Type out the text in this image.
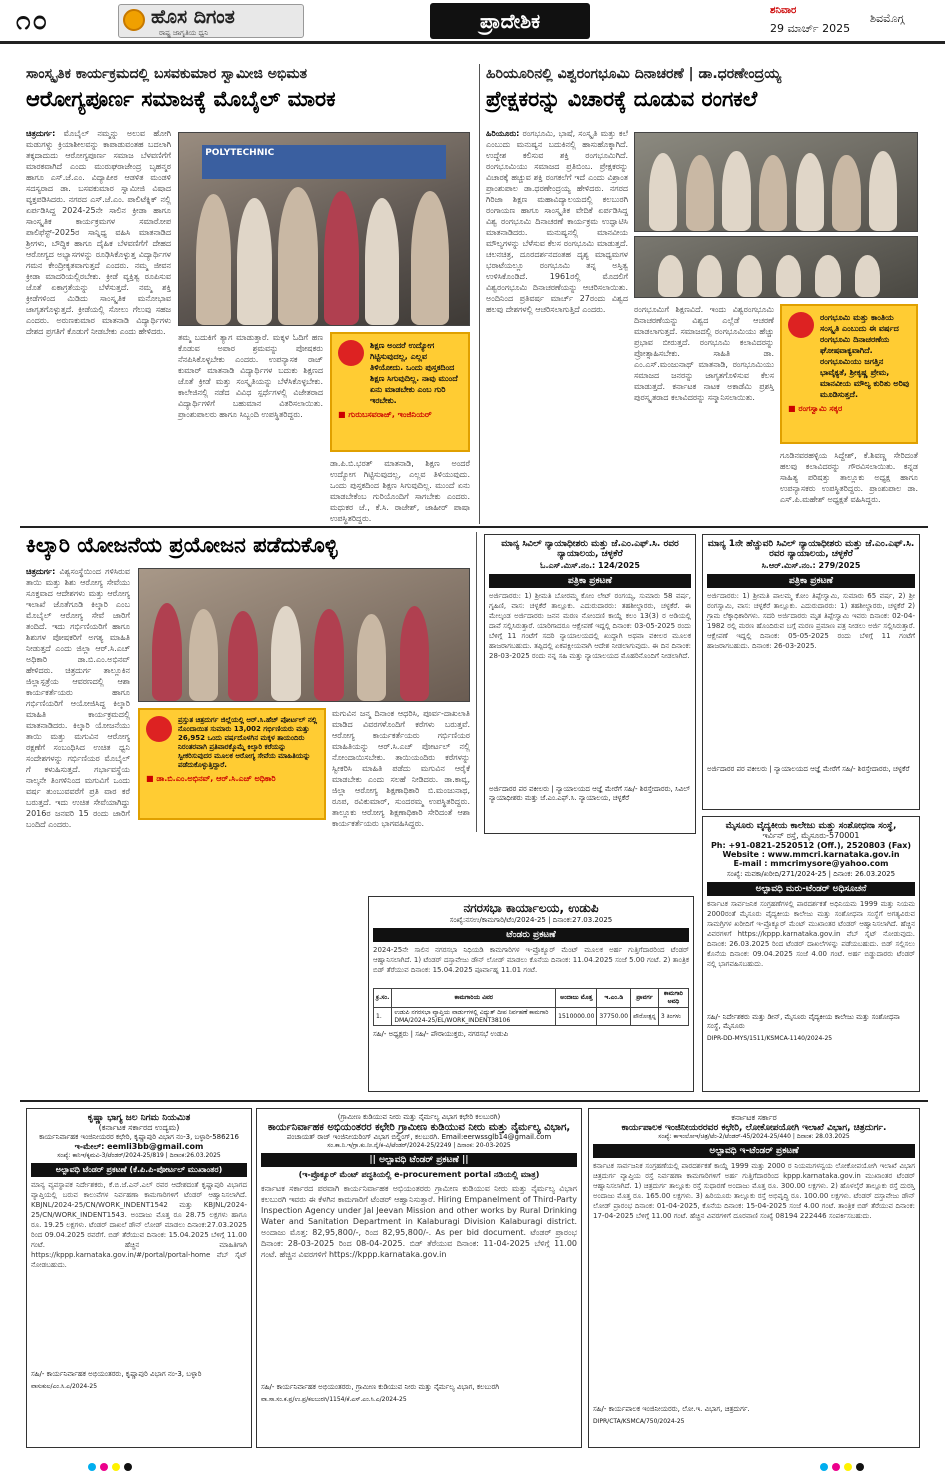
೧೦	ಹೊಸ ದಿಗಂತ
ರಾಷ್ಟ್ರ ಜಾಗೃತಿಯ ಧ್ವನಿ	ಪ್ರಾದೇಶಿಕ	ಶನಿವಾರ
29 ಮಾರ್ಚ್ 2025
ಶಿವಮೊಗ್ಗ
ಸಾಂಸ್ಕೃತಿಕ ಕಾರ್ಯಕ್ರಮದಲ್ಲಿ ಬಸವಕುಮಾರ ಸ್ವಾಮೀಜಿ ಅಭಿಮತ
ಆರೋಗ್ಯಪೂರ್ಣ ಸಮಾಜಕ್ಕೆ ಮೊಬೈಲ್ ಮಾರಕ
ಚಿತ್ರದುರ್ಗ: ಮೊಬೈಲ್ ನಮ್ಮನ್ನು ಅಲುವ ಹೋಗಿ ಮಡುಗಳ್ನು ಕ್ರಿಯಾಶೀಲವನ್ನು ಕಾಪಾಡುವಂತಹ ಬದಲಾಗಿ ತಕ್ಕದಾದುದು ಆರೋಗ್ಯಪೂರ್ಣ ಸಮಾಜ ಬೆಳವಣಿಗೆಗೆ ಮಾರಕವಾಗಿದೆ ಎಂದು ಮುರುಘರಾಜೇಂದ್ರ ಬೃಹನ್ಮಠ ಹಾಗೂ ಎಸ್.ಜೆ.ಎಂ. ವಿದ್ಯಾಪೀಠ ಆಡಳಿತ ಮಂಡಳಿ ಸದಸ್ಯರಾದ ಡಾ. ಬಸವಕುಮಾರ ಸ್ವಾಮೀಜಿ ವಿಷಾದ ವ್ಯಕ್ತಪಡಿಸಿದರು. ನಗರದ ಎಸ್.ಜೆ.ಎಂ. ಪಾಲಿಟೆಕ್ನಿಕ್ ನಲ್ಲಿ ಏರ್ಪಡಿಸಿದ್ದ 2024-25ನೇ ಸಾಲಿನ ಕ್ರೀಡಾ ಹಾಗೂ ಸಾಂಸ್ಕೃತಿಕ ಕಾರ್ಯಕ್ರಮಗಳ ಸಮಾರೋಪ ಪಾಲಿಫೆಸ್ಟ್-2025ರ ಸಾನ್ನಿಧ್ಯ ವಹಿಸಿ ಮಾತನಾಡಿದ ಶ್ರೀಗಳು, ಬೌದ್ಧಿಕ ಹಾಗೂ ದೈಹಿಕ ಬೆಳವಣಿಗೆಗೆ ದೇಹದ ಆರೋಗ್ಯದ ಅಭ್ಯಾಸಗಳನ್ನು ರೂಢಿಸಿಕೊಳ್ಳುತ್ತ ವಿದ್ಯಾರ್ಥಿಗಳ ಗಮನ ಕೇಂದ್ರೀಕೃತವಾಗುತ್ತದೆ ಎಂದರು. ನಮ್ಮ ಜೀವನ ಕ್ರೀಡಾ ಮಾದರಿಯಲ್ಲಿರಬೇಕು. ಕ್ರೀಡೆ ವ್ಯಕ್ತಿತ್ವ ರೂಪಿಸುವ ಜೊತೆ ಏಕಾಗ್ರತೆಯನ್ನು ಬೆಳೆಸುತ್ತದೆ. ನಮ್ಮ ಶಕ್ತಿ ಕ್ರೀಡೆಗಳಿಂದ ಮಿಡಿದು ಸಾಂಸ್ಕೃತಿಕ ಮನೋಭಾವ ಜಾಗೃತಗೊಳ್ಳುತ್ತದೆ. ಕ್ರೀಡೆಯಲ್ಲಿ ಸೋಲು ಗೆಲುವು ಸಹಜ ಎಂದರು. ಅರುಣಕುಮಾರ ಮಾತನಾಡಿ ವಿದ್ಯಾರ್ಥಿಗಳು ದೇಶದ ಪ್ರಗತಿಗೆ ಕೊಡುಗೆ ನೀಡಬೇಕು ಎಂದು ಹೇಳಿದರು.
POLYTECHNIC
ತಮ್ಮ ಬದುಕಿಗೆ ತ್ಯಾಗ ಮಾಡುತ್ತಾರೆ. ಮಕ್ಕಳ ಓದಿಗೆ ಹಣ ಕೊಡುವ ಅಪಾರ ಶ್ರಮವನ್ನು ಪೋಷಕರು ನೆನಪಿಸಿಕೊಳ್ಳಬೇಕು ಎಂದರು. ಉಪನ್ಯಾಸಕ ರಾಜ್ ಕುಮಾರ್ ಮಾತನಾಡಿ ವಿದ್ಯಾರ್ಥಿಗಳ ಬದುಕು ಶಿಕ್ಷಣದ ಜೊತೆ ಕ್ರೀಡೆ ಮತ್ತು ಸಂಸ್ಕೃತಿಯನ್ನು ಬೆಳೆಸಿಕೊಳ್ಳಬೇಕು. ಕಾಲೇಜಿನಲ್ಲಿ ನಡೆದ ವಿವಿಧ ಸ್ಪರ್ಧೆಗಳಲ್ಲಿ ವಿಜೇತರಾದ ವಿದ್ಯಾರ್ಥಿಗಳಿಗೆ ಬಹುಮಾನ ವಿತರಿಸಲಾಯಿತು. ಪ್ರಾಂಶುಪಾಲರು ಹಾಗೂ ಸಿಬ್ಬಂದಿ ಉಪಸ್ಥಿತರಿದ್ದರು.
ಶಿಕ್ಷಣ ಅಂದರೆ ಉದ್ಯೋಗ ಗಿಟ್ಟಿಸುವುದಲ್ಲ, ಎಲ್ಲವ ತಿಳಿಯೋದು. ಒಂದು ಪುಸ್ತಕದಿಂದ ಶಿಕ್ಷಣ ಸಿಗುವುದಿಲ್ಲ. ನಾವು ಮುಂದೆ ಏನು ಮಾಡಬೇಕು ಎಂಬ ಗುರಿ ಇರಬೇಕು.
■ ಗುರುಬಸವರಾಜ್, ಇಂಜಿನಿಯರ್
ಡಾ.ಪಿ.ಬಿ.ಭರತ್ ಮಾತನಾಡಿ, ಶಿಕ್ಷಣ ಅಂದರೆ ಉದ್ಯೋಗ ಗಿಟ್ಟಿಸುವುದಲ್ಲ, ಎಲ್ಲವ ತಿಳಿಯುವುದು. ಒಂದು ಪುಸ್ತಕದಿಂದ ಶಿಕ್ಷಣ ಸಿಗುವುದಿಲ್ಲ. ಮುಂದೆ ಏನು ಮಾಡಬೇಕೆಂಬ ಗುರಿಯೊಂದಿಗೆ ಸಾಗಬೇಕು ಎಂದರು. ಮಧುಕರ ಜೆ., ಕೆ.ಸಿ. ರಾಜೇಶ್, ಜಾಹೀರ್ ಪಾಷಾ ಉಪಸ್ಥಿತರಿದ್ದರು.
ಹಿರಿಯೂರಿನಲ್ಲಿ ವಿಶ್ವರಂಗಭೂಮಿ ದಿನಾಚರಣೆ | ಡಾ.ಧರಣೇಂದ್ರಯ್ಯ
ಪ್ರೇಕ್ಷಕರನ್ನು ವಿಚಾರಕ್ಕೆ ದೂಡುವ ರಂಗಕಲೆ
ಹಿರಿಯೂರು: ರಂಗಭೂಮಿ, ಭಾಷೆ, ಸಂಸ್ಕೃತಿ ಮತ್ತು ಕಲೆ ಎಂಬುದು ಮನುಷ್ಯನ ಬದುಕಿನಲ್ಲಿ ಹಾಸುಹೊಕ್ಕಾಗಿದೆ. ಉದ್ದೇಶ ಕಲಿಸುವ ಶಕ್ತಿ ರಂಗಭೂಮಿಗಿದೆ. ರಂಗಭೂಮಿಯು ಸಮಾಜದ ಪ್ರತಿಬಿಂಬ. ಪ್ರೇಕ್ಷಕರನ್ನು ವಿಚಾರಕ್ಕೆ ಹಚ್ಚುವ ಶಕ್ತಿ ರಂಗಕಲೆಗೆ ಇದೆ ಎಂದು ವಿಶ್ರಾಂತ ಪ್ರಾಂಶುಪಾಲ ಡಾ.ಧರಣೇಂದ್ರಯ್ಯ ಹೇಳಿದರು. ನಗರದ ಗಿರಿಜಾ ಶಿಕ್ಷಣ ಮಹಾವಿದ್ಯಾಲಯದಲ್ಲಿ ಕಲಬುರಗಿ ರಂಗಾಯಣ ಹಾಗೂ ಸಾಂಸ್ಕೃತಿಕ ವೇದಿಕೆ ಏರ್ಪಡಿಸಿದ್ದ ವಿಶ್ವ ರಂಗಭೂಮಿ ದಿನಾಚರಣೆ ಕಾರ್ಯಕ್ರಮ ಉದ್ಘಾಟಿಸಿ ಮಾತನಾಡಿದರು. ಮನುಷ್ಯನಲ್ಲಿ ಮಾನವೀಯ ಮೌಲ್ಯಗಳನ್ನು ಬೆಳೆಸುವ ಕೆಲಸ ರಂಗಭೂಮಿ ಮಾಡುತ್ತದೆ. ಚಲನಚಿತ್ರ, ದೂರದರ್ಶನದಂತಹ ದೃಶ್ಯ ಮಾಧ್ಯಮಗಳ ಭರಾಟೆಯಲ್ಲೂ ರಂಗಭೂಮಿ ತನ್ನ ಅಸ್ತಿತ್ವ ಉಳಿಸಿಕೊಂಡಿದೆ. 1961ರಲ್ಲಿ ಮೊದಲಿಗೆ ವಿಶ್ವರಂಗಭೂಮಿ ದಿನಾಚರಣೆಯನ್ನು ಆಚರಿಸಲಾಯಿತು. ಅಂದಿನಿಂದ ಪ್ರತಿವರ್ಷ ಮಾರ್ಚ್ 27ರಂದು ವಿಶ್ವದ ಹಲವು ದೇಶಗಳಲ್ಲಿ ಆಚರಿಸಲಾಗುತ್ತಿದೆ ಎಂದರು.	ರಂಗಭೂಮಿಗೆ ಶಿಕ್ಷಣವಿದೆ. ಇಂದು ವಿಶ್ವರಂಗಭೂಮಿ ದಿನಾಚರಣೆಯನ್ನು ವಿಶ್ವದ ಎಲ್ಲೆಡೆ ಆಚರಣೆ ಮಾಡಲಾಗುತ್ತದೆ. ಸಮಾಜದಲ್ಲಿ ರಂಗಭೂಮಿಯು ಹೆಚ್ಚು ಪ್ರಭಾವ ಬೀರುತ್ತದೆ. ರಂಗಭೂಮಿ ಕಲಾವಿದರನ್ನು ಪ್ರೋತ್ಸಾಹಿಸಬೇಕು. ಸಾಹಿತಿ ಡಾ. ಎಂ.ಎಸ್.ಮಂಜುನಾಥ್ ಮಾತನಾಡಿ, ರಂಗಭೂಮಿಯು ಸಮಾಜದ ಜನರನ್ನು ಜಾಗೃತಗೊಳಿಸುವ ಕೆಲಸ ಮಾಡುತ್ತದೆ. ಕರ್ನಾಟಕ ನಾಟಕ ಅಕಾಡೆಮಿ ಪ್ರಶಸ್ತಿ ಪುರಸ್ಕೃತರಾದ ಕಲಾವಿದರನ್ನು ಸನ್ಮಾನಿಸಲಾಯಿತು.
ರಂಗಭೂಮಿ ಮತ್ತು ಕಾಂತಿಯ ಸಂಸ್ಕೃತಿ ಎಂಬುದು ಈ ವರ್ಷದ ರಂಗಭೂಮಿ ದಿನಾಚರಣೆಯ ಘೋಷವಾಕ್ಯವಾಗಿದೆ. ರಂಗಭೂಮಿಯು ಜಗತ್ತಿನ ಭಾವೈಕ್ಯತೆ, ಶ್ರೀಕೃಷ್ಣ ಪ್ರೇಮ, ಮಾನವೀಯ ಮೌಲ್ಯ ಕುರಿತು ಅರಿವು ಮೂಡಿಸುತ್ತದೆ.
■ ರಂಗಸ್ವಾಮಿ ಸಕ್ಕರ
ಗೂಡಿನವರಹಳ್ಳಿಯ ಸಿದ್ದೇಶ್, ಕೆ.ಶಿವಣ್ಣ ಸೇರಿದಂತೆ ಹಲವು ಕಲಾವಿದರನ್ನು ಗೌರವಿಸಲಾಯಿತು. ಕನ್ನಡ ಸಾಹಿತ್ಯ ಪರಿಷತ್ತು ತಾಲ್ಲೂಕು ಅಧ್ಯಕ್ಷ ಹಾಗೂ ಉಪನ್ಯಾಸಕರು ಉಪಸ್ಥಿತರಿದ್ದರು. ಪ್ರಾಂಶುಪಾಲ ಡಾ. ಎಸ್.ಪಿ.ಮಹೇಶ್ ಅಧ್ಯಕ್ಷತೆ ವಹಿಸಿದ್ದರು.
ಕಿಲ್ಕಾರಿ ಯೋಜನೆಯ ಪ್ರಯೋಜನ ಪಡೆದುಕೊಳ್ಳಿ
ಚಿತ್ರದುರ್ಗ: ವಿಶ್ವಸಂಸ್ಥೆಯಿಂದ ಗಳಿಸಿರುವ ತಾಯಿ ಮತ್ತು ಶಿಶು ಆರೋಗ್ಯ ಸೇವೆಯು ಸೂಕ್ತವಾದ ಆದೇಶಗಳು ಮತ್ತು ಆರೋಗ್ಯ ಇಲಾಖೆ ಜೊತೆಗೂಡಿ ಕಿಲ್ಕಾರಿ ಎಂಬ ಮೊಬೈಲ್ ಆರೋಗ್ಯ ಸೇವೆ ಜಾರಿಗೆ ತಂದಿದೆ. ಇದು ಗರ್ಭಿಣಿಯರಿಗೆ ಹಾಗೂ ಶಿಶುಗಳ ಪೋಷಕರಿಗೆ ಅಗತ್ಯ ಮಾಹಿತಿ ನೀಡುತ್ತದೆ ಎಂದು ಜಿಲ್ಲಾ ಆರ್.ಸಿ.ಎಚ್ ಅಧಿಕಾರಿ ಡಾ.ಬಿ.ಎಂ.ಅಭಿನವ್ ಹೇಳಿದರು. ಚಿತ್ರದುರ್ಗ ತಾಲ್ಲೂಕಿನ ಜಿಲ್ಲಾಸ್ಪತ್ರೆಯ ಆವರಣದಲ್ಲಿ ಆಶಾ ಕಾರ್ಯಕರ್ತೆಯರು ಹಾಗೂ ಗರ್ಭಿಣಿಯರಿಗೆ ಆಯೋಜಿಸಿದ್ದ ಕಿಲ್ಕಾರಿ ಮಾಹಿತಿ ಕಾರ್ಯಕ್ರಮದಲ್ಲಿ ಮಾತನಾಡಿದರು. ಕಿಲ್ಕಾರಿ ಯೋಜನೆಯು ತಾಯಿ ಮತ್ತು ಮಗುವಿನ ಆರೋಗ್ಯ ರಕ್ಷಣೆಗೆ ಸಂಬಂಧಿಸಿದ ಉಚಿತ ಧ್ವನಿ ಸಂದೇಶಗಳನ್ನು ಗರ್ಭಿಣಿಯರ ಮೊಬೈಲ್ ಗೆ ಕಳುಹಿಸುತ್ತದೆ. ಗರ್ಭಾವಸ್ಥೆಯ ನಾಲ್ಕನೇ ತಿಂಗಳಿನಿಂದ ಮಗುವಿಗೆ ಒಂದು ವರ್ಷ ತುಂಬುವವರೆಗೆ ಪ್ರತಿ ವಾರ ಕರೆ ಬರುತ್ತದೆ. ಇದು ಉಚಿತ ಸೇವೆಯಾಗಿದ್ದು 2016ರ ಜನವರಿ 15 ರಂದು ಜಾರಿಗೆ ಬಂದಿದೆ ಎಂದರು.
ಪ್ರಸ್ತುತ ಚಿತ್ರದುರ್ಗ ಜಿಲ್ಲೆಯಲ್ಲಿ ಆರ್.ಸಿ.ಹೆಚ್ ಪೋರ್ಟಲ್ ನಲ್ಲಿ ನೊಂದಾಯಿತ ಸುಮಾರು 13,002 ಗರ್ಭಿಣಿಯರು ಮತ್ತು 26,952 ಒಂದು ವರ್ಷದೊಳಗಿನ ಮಕ್ಕಳ ತಾಯಂದಿರು ನಿರಂತರವಾಗಿ ಪ್ರತಿವಾರಕ್ಕೊಮ್ಮೆ ಕಿಲ್ಕಾರಿ ಕರೆಯನ್ನು ಸ್ವೀಕರಿಸುವುದರ ಮೂಲಕ ಆರೋಗ್ಯ ಸೇವೆಯ ಮಾಹಿತಿಯನ್ನು ಪಡೆದುಕೊಳ್ಳುತ್ತಿದ್ದಾರೆ.
■ ಡಾ.ಬಿ.ಎಂ.ಅಭಿನವ್, ಆರ್.ಸಿ.ಎಚ್ ಅಧಿಕಾರಿ
ಮಗುವಿನ ಜನ್ಮ ದಿನಾಂಕ ಆಧರಿಸಿ, ಪೂರ್ವ-ದಾಖಲಾತಿ ಮಾಡಿದ ವಿವರಗಳೊಂದಿಗೆ ಕರೆಗಳು ಬರುತ್ತವೆ. ಆರೋಗ್ಯ ಕಾರ್ಯಕರ್ತೆಯರು ಗರ್ಭಿಣಿಯರ ಮಾಹಿತಿಯನ್ನು ಆರ್.ಸಿ.ಎಚ್ ಪೋರ್ಟಲ್ ನಲ್ಲಿ ನೋಂದಾಯಿಸಬೇಕು. ತಾಯಿಯಂದಿರು ಕರೆಗಳನ್ನು ಸ್ವೀಕರಿಸಿ ಮಾಹಿತಿ ಪಡೆದು ಮಗುವಿನ ಆರೈಕೆ ಮಾಡಬೇಕು ಎಂದು ಸಲಹೆ ನೀಡಿದರು. ಡಾ.ಕಾವ್ಯ, ಜಿಲ್ಲಾ ಆರೋಗ್ಯ ಶಿಕ್ಷಣಾಧಿಕಾರಿ ಬಿ.ಮಂಜುನಾಥ, ರೂಪ, ರವಿಕುಮಾರ್, ಸುಂದರಮ್ಮ ಉಪಸ್ಥಿತರಿದ್ದರು. ತಾಲ್ಲೂಕು ಆರೋಗ್ಯ ಶಿಕ್ಷಣಾಧಿಕಾರಿ ಸೇರಿದಂತೆ ಆಶಾ ಕಾರ್ಯಕರ್ತೆಯರು ಭಾಗವಹಿಸಿದ್ದರು.
ಮಾನ್ಯ ಸಿವಿಲ್ ನ್ಯಾಯಾಧೀಶರು ಮತ್ತು ಜೆ.ಎಂ.ಎಫ್.ಸಿ. ರವರ ನ್ಯಾಯಾಲಯ, ಚಳ್ಳಕೆರೆ
ಓ.ಎಸ್.ಮಿಸ್.ನಂ.: 124/2025
ಪತ್ರಿಕಾ ಪ್ರಕಟಣೆ
ಅರ್ಜಿದಾರರು: 1) ಶ್ರೀಮತಿ ಬೋರಮ್ಮ ಕೋಂ ಲೇಟ್ ರಂಗಯ್ಯ, ಸುಮಾರು 58 ವರ್ಷ, ಗೃಹಿಣಿ, ವಾಸ: ಚಳ್ಳಕೆರೆ ತಾಲ್ಲೂಕು. ಎದುರುದಾರರು: ತಹಶೀಲ್ದಾರರು, ಚಳ್ಳಕೆರೆ. ಈ ಮೇಲ್ಕಂಡ ಅರ್ಜಿದಾರರು ಜನನ ಮರಣ ನೋಂದಣಿ ಕಾಯ್ದೆ ಕಲಂ 13(3) ರ ಅಡಿಯಲ್ಲಿ ದಾವೆ ಸಲ್ಲಿಸಿರುತ್ತಾರೆ. ಯಾರಿಗಾದರೂ ಆಕ್ಷೇಪಣೆ ಇದ್ದಲ್ಲಿ ದಿನಾಂಕ: 03-05-2025 ರಂದು ಬೆಳಿಗ್ಗೆ 11 ಗಂಟೆಗೆ ಸದರಿ ನ್ಯಾಯಾಲಯದಲ್ಲಿ ಖುದ್ದಾಗಿ ಅಥವಾ ವಕೀಲರ ಮೂಲಕ ಹಾಜರಾಗಬಹುದು. ತಪ್ಪಿದಲ್ಲಿ ಏಕಪಕ್ಷೀಯವಾಗಿ ಆದೇಶ ನೀಡಲಾಗುವುದು. ಈ ದಿನ ದಿನಾಂಕ: 28-03-2025 ರಂದು ನನ್ನ ಸಹಿ ಮತ್ತು ನ್ಯಾಯಾಲಯದ ಮೊಹರಿನೊಂದಿಗೆ ನೀಡಲಾಗಿದೆ.
ಅರ್ಜಿದಾರರ ಪರ ವಕೀಲರು | ನ್ಯಾಯಾಲಯದ ಆಜ್ಞೆ ಮೇರೆಗೆ ಸಹಿ/- ಶಿರಸ್ತೇದಾರರು, ಸಿವಿಲ್ ನ್ಯಾಯಾಧೀಶರು ಮತ್ತು ಜೆ.ಎಂ.ಎಫ್.ಸಿ. ನ್ಯಾಯಾಲಯ, ಚಳ್ಳಕೆರೆ
ಮಾನ್ಯ 1ನೇ ಹೆಚ್ಚುವರಿ ಸಿವಿಲ್ ನ್ಯಾಯಾಧೀಶರು ಮತ್ತು ಜೆ.ಎಂ.ಎಫ್.ಸಿ. ರವರ ನ್ಯಾಯಾಲಯ, ಚಳ್ಳಕೆರೆ
ಸಿ.ಆರ್.ಮಿಸ್.ನಂ.: 279/2025
ಪತ್ರಿಕಾ ಪ್ರಕಟಣೆ
ಅರ್ಜಿದಾರರು: 1) ಶ್ರೀಮತಿ ಪಾಲಮ್ಮ ಕೋಂ ತಿಪ್ಪೇಸ್ವಾಮಿ, ಸುಮಾರು 65 ವರ್ಷ, 2) ಶ್ರೀ ರಂಗಸ್ವಾಮಿ, ವಾಸ: ಚಳ್ಳಕೆರೆ ತಾಲ್ಲೂಕು. ಎದುರುದಾರರು: 1) ತಹಶೀಲ್ದಾರರು, ಚಳ್ಳಕೆರೆ 2) ಗ್ರಾಮ ಲೆಕ್ಕಾಧಿಕಾರಿಗಳು. ಸದರಿ ಅರ್ಜಿದಾರರು ಮೃತ ತಿಪ್ಪೇಸ್ವಾಮಿ ಇವರು ದಿನಾಂಕ: 02-04-1982 ರಲ್ಲಿ ಮರಣ ಹೊಂದಿರುವ ಬಗ್ಗೆ ಮರಣ ಪ್ರಮಾಣ ಪತ್ರ ನೀಡಲು ಅರ್ಜಿ ಸಲ್ಲಿಸಿರುತ್ತಾರೆ. ಆಕ್ಷೇಪಣೆ ಇದ್ದಲ್ಲಿ ದಿನಾಂಕ: 05-05-2025 ರಂದು ಬೆಳಿಗ್ಗೆ 11 ಗಂಟೆಗೆ ಹಾಜರಾಗಬಹುದು. ದಿನಾಂಕ: 26-03-2025.
ಅರ್ಜಿದಾರರ ಪರ ವಕೀಲರು | ನ್ಯಾಯಾಲಯದ ಆಜ್ಞೆ ಮೇರೆಗೆ ಸಹಿ/- ಶಿರಸ್ತೇದಾರರು, ಚಳ್ಳಕೆರೆ
ಮೈಸೂರು ವೈದ್ಯಕೀಯ ಕಾಲೇಜು ಮತ್ತು ಸಂಶೋಧನಾ ಸಂಸ್ಥೆ,
ಇರ್ವಿನ್ ರಸ್ತೆ, ಮೈಸೂರು-570001
Ph: +91-0821-2520512 (Off.), 2520803 (Fax)
Website : www.mmcri.karnataka.gov.in
E-mail : mmcrimysore@yahoo.com
ಸಂಖ್ಯೆ: ಮವಕಾ/ಖರೀದಿ/271/2024-25 | ದಿನಾಂಕ: 26.03.2025
ಅಲ್ಪಾವಧಿ ಮರು-ಟೆಂಡರ್ ಅಧಿಸೂಚನೆ
ಕರ್ನಾಟಕ ಸಾರ್ವಜನಿಕ ಸಂಗ್ರಹಣೆಗಳಲ್ಲಿ ಪಾರದರ್ಶಕತೆ ಅಧಿನಿಯಮ 1999 ಮತ್ತು ನಿಯಮ 2000ರಂತೆ ಮೈಸೂರು ವೈದ್ಯಕೀಯ ಕಾಲೇಜು ಮತ್ತು ಸಂಶೋಧನಾ ಸಂಸ್ಥೆಗೆ ಅಗತ್ಯವಿರುವ ಸಾಮಗ್ರಿಗಳ ಖರೀದಿಗೆ ಇ-ಪ್ರೊಕ್ಯೂರ್ ಮೆಂಟ್ ಮುಖಾಂತರ ಟೆಂಡರ್ ಆಹ್ವಾನಿಸಲಾಗಿದೆ. ಹೆಚ್ಚಿನ ವಿವರಗಳಿಗೆ https://kppp.karnataka.gov.in ವೆಬ್ ಸೈಟ್ ನೋಡುವುದು. ದಿನಾಂಕ: 26.03.2025 ರಿಂದ ಟೆಂಡರ್ ದಾಖಲೆಗಳನ್ನು ಪಡೆಯಬಹುದು. ಬಿಡ್ ಸಲ್ಲಿಸಲು ಕೊನೆಯ ದಿನಾಂಕ: 09.04.2025 ಸಂಜೆ 4.00 ಗಂಟೆ. ಅರ್ಹ ಬಿಡ್ಡುದಾರರು ಟೆಂಡರ್ ನಲ್ಲಿ ಭಾಗವಹಿಸಬಹುದು.
ಸಹಿ/- ನಿರ್ದೇಶಕರು ಮತ್ತು ಡೀನ್, ಮೈಸೂರು ವೈದ್ಯಕೀಯ ಕಾಲೇಜು ಮತ್ತು ಸಂಶೋಧನಾ ಸಂಸ್ಥೆ, ಮೈಸೂರು
DIPR-DD-MYS/1511/KSMCA-1140/2024-25
ನಗರಸಭಾ ಕಾರ್ಯಾಲಯ, ಉಡುಪಿ
ಸಂಖ್ಯೆ:ನಸಉ/ಕಾಮಗಾರಿ/ಟೆಂ/2024-25 | ದಿನಾಂಕ:27.03.2025
ಟೆಂಡರು ಪ್ರಕಟಣೆ
2024-25ನೇ ಸಾಲಿನ ನಗರಸಭಾ ನಿಧಿಯಡಿ ಕಾಮಗಾರಿಗಳ ಇ-ಪ್ರೊಕ್ಯೂರ್ ಮೆಂಟ್ ಮೂಲಕ ಅರ್ಹ ಗುತ್ತಿಗೆದಾರರಿಂದ ಟೆಂಡರ್ ಆಹ್ವಾನಿಸಲಾಗಿದೆ. 1) ಟೆಂಡರ್ ದಸ್ತಾವೇಜು ಡೌನ್ ಲೋಡ್ ಮಾಡಲು ಕೊನೆಯ ದಿನಾಂಕ: 11.04.2025 ಸಂಜೆ 5.00 ಗಂಟೆ. 2) ತಾಂತ್ರಿಕ ಬಿಡ್ ತೆರೆಯುವ ದಿನಾಂಕ: 15.04.2025 ಪೂರ್ವಾಹ್ನ 11.01 ಗಂಟೆ.
ಕ್ರ.ಸಂ.	ಕಾಮಗಾರಿಯ ವಿವರ	ಅಂದಾಜು ಮೊತ್ತ	ಇ.ಎಂ.ಡಿ	ಪ್ರಾವರ್ಗ	ಕಾಮಗಾರಿ ಅವಧಿ
1.	ಉಡುಪಿ ನಗರಸಭಾ ವ್ಯಾಪ್ತಿಯ ವಾರ್ಡುಗಳಲ್ಲಿ ವಿದ್ಯುತ್ ದೀಪ ನಿರ್ವಹಣೆ ಕಾಮಗಾರಿ DMA/2024-25/EL/WORK_INDENT38106	1510000.00	37750.00	ಪೌರೋತ್ಪನ್ನ	3 ತಿಂಗಳು
ಸಹಿ/- ಅಧ್ಯಕ್ಷರು | ಸಹಿ/- ಪೌರಾಯುಕ್ತರು, ನಗರಸಭೆ ಉಡುಪಿ
ಕೃಷ್ಣಾ ಭಾಗ್ಯ ಜಲ ನಿಗಮ ನಿಯಮಿತ
(ಕರ್ನಾಟಕ ಸರ್ಕಾರದ ಉದ್ಯಮ)
ಕಾರ್ಯನಿರ್ವಾಹಕ ಇಂಜಿನೀಯರರ ಕಛೇರಿ, ಕೃಷ್ಣಾಪುರಿ ವಿಭಾಗ ನಂ-3, ಬಳ್ಳಾರಿ-586216
ಇ-ಮೇಲ್: eemli3bb@gmail.com
ಸಂಖ್ಯೆ: ಕಾನಿಇ/ಕೃಮವಿ-3/ಟೆಂಡರ್/2024-25/819 | ದಿನಾಂಕ:26.03.2025
ಅಲ್ಪಾವಧಿ ಟೆಂಡರ್ ಪ್ರಕಟಣೆ (ಕೆ.ಪಿ.ಪಿ-ಪೋರ್ಟಲ್ ಮುಖಾಂತರ)
ಮಾನ್ಯ ವ್ಯವಸ್ಥಾಪಕ ನಿರ್ದೇಶಕರು, ಕೆ.ಬಿ.ಜೆ.ಎನ್.ಎಲ್ ರವರ ಆದೇಶದಂತೆ ಕೃಷ್ಣಾಪುರಿ ವಿಭಾಗದ ವ್ಯಾಪ್ತಿಯಲ್ಲಿ ಬರುವ ಕಾಲುವೆಗಳ ನಿರ್ವಹಣಾ ಕಾಮಗಾರಿಗಳಿಗೆ ಟೆಂಡರ್ ಆಹ್ವಾನಿಸಲಾಗಿದೆ. KBJNL/2024-25/CN/WORK_INDENT1542 ಮತ್ತು KBJNL/2024-25/CN/WORK_INDENT1543. ಅಂದಾಜು ಮೊತ್ತ ರೂ 28.75 ಲಕ್ಷಗಳು ಹಾಗೂ ರೂ. 19.25 ಲಕ್ಷಗಳು. ಟೆಂಡರ್ ದಾಖಲೆ ಡೌನ್ ಲೋಡ್ ಮಾಡಲು ದಿನಾಂಕ:27.03.2025 ರಿಂದ 09.04.2025 ರವರೆಗೆ. ಬಿಡ್ ತೆರೆಯುವ ದಿನಾಂಕ: 15.04.2025 ಬೆಳಿಗ್ಗೆ 11.00 ಗಂಟೆ. ಹೆಚ್ಚಿನ ಮಾಹಿತಿಗಾಗಿ https://kppp.karnataka.gov.in/#/portal/portal-home ವೆಬ್ ಸೈಟ್ ನೋಡಬಹುದು.
ಸಹಿ/- ಕಾರ್ಯನಿರ್ವಾಹಕ ಅಭಿಯಂತರರು, ಕೃಷ್ಣಾಪುರಿ ವಿಭಾಗ ನಂ-3, ಬಳ್ಳಾರಿ
ವಾಸುಕುಲ/ಎಂ.ಸಿ.ಎ/2024-25
(ಗ್ರಾಮೀಣ ಕುಡಿಯುವ ನೀರು ಮತ್ತು ನೈರ್ಮಲ್ಯ ವಿಭಾಗ ಕಛೇರಿ ಕಲಬುರಗಿ)
ಕಾರ್ಯನಿರ್ವಾಹಕ ಅಭಿಯಂತರರ ಕಛೇರಿ ಗ್ರಾಮೀಣ ಕುಡಿಯುವ ನೀರು ಮತ್ತು ನೈರ್ಮಲ್ಯ ವಿಭಾಗ,
ಪಂಚಾಯತ್ ರಾಜ್ ಇಂಜಿನೀಯರಿಂಗ್ ವಿಭಾಗ ಬಿಲ್ಡಿಂಗ್, ಕಲಬುರಗಿ. Email:eerwssglb14@gmail.com
ಸಂ.ಕಾ.ನಿ.ಇ/ಗ್ರಾ.ಕು.ನೀ.ನೈ/ಕ-ವಿ/ಟೆಂಡರ್/2024-25/2249 | ದಿನಾಂಕ: 20-03-2025
|| ಅಲ್ಪಾವಧಿ ಟೆಂಡರ್ ಪ್ರಕಟಣೆ ||
(ಇ-ಪ್ರೊಕ್ಯೂರ್ ಮೆಂಟ್ ಪದ್ಧತಿಯಲ್ಲಿ e-procurement portal ನಡಿಯಲ್ಲಿ ಮಾತ್ರ)
ಕರ್ನಾಟಕ ಸರ್ಕಾರದ ಪರವಾಗಿ ಕಾರ್ಯನಿರ್ವಾಹಕ ಅಭಿಯಂತರರು ಗ್ರಾಮೀಣ ಕುಡಿಯುವ ನೀರು ಮತ್ತು ನೈರ್ಮಲ್ಯ ವಿಭಾಗ ಕಲಬುರಗಿ ಇವರು ಈ ಕೆಳಗಿನ ಕಾಮಗಾರಿಗೆ ಟೆಂಡರ್ ಆಹ್ವಾನಿಸುತ್ತಾರೆ. Hiring Empanelment of Third-Party Inspection Agency under Jal Jeevan Mission and other works by Rural Drinking Water and Sanitation Department in Kalaburagi Division Kalaburagi district. ಅಂದಾಜು ಮೊತ್ತ: 82,95,800/-, ರಿಂದ 82,95,800/-. As per bid document. ಟೆಂಡರ್ ಪ್ರಾರಂಭ ದಿನಾಂಕ: 28-03-2025 ರಿಂದ 08-04-2025. ಬಿಡ್ ತೆರೆಯುವ ದಿನಾಂಕ: 11-04-2025 ಬೆಳಿಗ್ಗೆ 11.00 ಗಂಟೆ. ಹೆಚ್ಚಿನ ವಿವರಗಳಿಗೆ https://kppp.karnataka.gov.in
ಸಹಿ/- ಕಾರ್ಯನಿರ್ವಾಹಕ ಅಭಿಯಂತರರು, ಗ್ರಾಮೀಣ ಕುಡಿಯುವ ನೀರು ಮತ್ತು ನೈರ್ಮಲ್ಯ ವಿಭಾಗ, ಕಲಬುರಗಿ
ವಾ.ಸಾ.ಸಂ.ಕ.ಪ್ರ/ಉ.ಪ್ರ/ಕಲಬುರಗಿ/1154/ಕೆ.ಎಸ್.ಎಂ.ಸಿ.ಎ/2024-25
ಕರ್ನಾಟಕ ಸರ್ಕಾರ
ಕಾರ್ಯಪಾಲಕ ಇಂಜಿನೀಯರರವರ ಕಛೇರಿ, ಲೋಕೋಪಯೋಗಿ ಇಲಾಖೆ ವಿಭಾಗ, ಚಿತ್ರದುರ್ಗ.
ಸಂಖ್ಯೆ: ಕಾಇಂಲೋಇ/ಚಿತ್ರ/ಟೆಂ-2/ಟೆಂಡರ್-45/2024-25/440 | ದಿನಾಂಕ: 28.03.2025
ಅಲ್ಪಾವಧಿ ಇ-ಟೆಂಡರ್ ಪ್ರಕಟಣೆ
ಕರ್ನಾಟಕ ಸಾರ್ವಜನಿಕ ಸಂಗ್ರಹಣೆಯಲ್ಲಿ ಪಾರದರ್ಶಕತೆ ಕಾಯ್ದೆ 1999 ಮತ್ತು 2000 ರ ನಿಯಮಗಳನ್ವಯ ಲೋಕೋಪಯೋಗಿ ಇಲಾಖೆ ವಿಭಾಗ ಚಿತ್ರದುರ್ಗ ವ್ಯಾಪ್ತಿಯ ರಸ್ತೆ ನಿರ್ವಹಣಾ ಕಾಮಗಾರಿಗಳಿಗೆ ಅರ್ಹ ಗುತ್ತಿಗೆದಾರರಿಂದ kppp.karnataka.gov.in ಮುಖಾಂತರ ಟೆಂಡರ್ ಆಹ್ವಾನಿಸಲಾಗಿದೆ. 1) ಚಿತ್ರದುರ್ಗ ತಾಲ್ಲೂಕು ರಸ್ತೆ ಸುಧಾರಣೆ ಅಂದಾಜು ಮೊತ್ತ ರೂ. 300.00 ಲಕ್ಷಗಳು. 2) ಹೊಳಲ್ಕೆರೆ ತಾಲ್ಲೂಕು ರಸ್ತೆ ದುರಸ್ತಿ ಅಂದಾಜು ಮೊತ್ತ ರೂ. 165.00 ಲಕ್ಷಗಳು. 3) ಹಿರಿಯೂರು ತಾಲ್ಲೂಕು ರಸ್ತೆ ಅಭಿವೃದ್ಧಿ ರೂ. 100.00 ಲಕ್ಷಗಳು. ಟೆಂಡರ್ ದಸ್ತಾವೇಜು ಡೌನ್ ಲೋಡ್ ಪ್ರಾರಂಭ ದಿನಾಂಕ: 01-04-2025, ಕೊನೆಯ ದಿನಾಂಕ: 15-04-2025 ಸಂಜೆ 4.00 ಗಂಟೆ. ತಾಂತ್ರಿಕ ಬಿಡ್ ತೆರೆಯುವ ದಿನಾಂಕ: 17-04-2025 ಬೆಳಿಗ್ಗೆ 11.00 ಗಂಟೆ. ಹೆಚ್ಚಿನ ವಿವರಗಳಿಗೆ ದೂರವಾಣಿ ಸಂಖ್ಯೆ 08194 222446 ಸಂಪರ್ಕಿಸಬಹುದು.
ಸಹಿ/- ಕಾರ್ಯಪಾಲಕ ಇಂಜಿನೀಯರರು, ಲೋ.ಇ. ವಿಭಾಗ, ಚಿತ್ರದುರ್ಗ.
DIPR/CTA/KSMCA/750/2024-25
